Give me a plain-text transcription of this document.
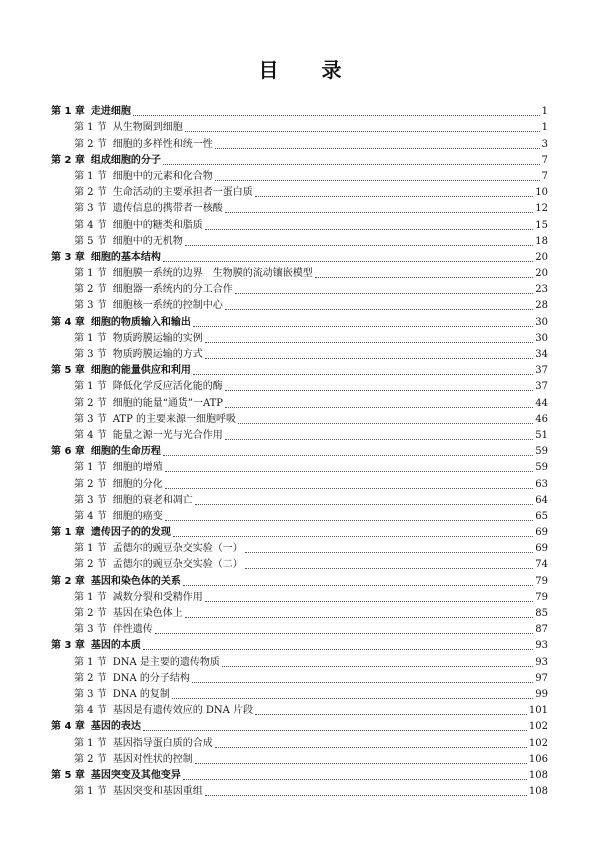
目 录
第 1 章 走进细胞	1
第 1 节 从生物圈到细胞	1
第 2 节 细胞的多样性和统一性	3
第 2 章 组成细胞的分子	7
第 1 节 细胞中的元素和化合物	7
第 2 节 生命活动的主要承担者一蛋白质	10
第 3 节 遗传信息的携带者一核酸	12
第 4 节 细胞中的糖类和脂质	15
第 5 节 细胞中的无机物	18
第 3 章 细胞的基本结构	20
第 1 节 细胞膜一系统的边界　生物膜的流动镶嵌模型	20
第 2 节 细胞器一系统内的分工合作	23
第 3 节 细胞核一系统的控制中心	28
第 4 章 细胞的物质输入和输出	30
第 1 节 物质跨膜运输的实例	30
第 3 节 物质跨膜运输的方式	34
第 5 章 细胞的能量供应和利用	37
第 1 节 降低化学反应活化能的酶	37
第 2 节 细胞的能量“通货”一ATP	44
第 3 节 ATP 的主要来源一细胞呼吸	46
第 4 节 能量之源一光与光合作用	51
第 6 章 细胞的生命历程	59
第 1 节 细胞的增殖	59
第 2 节 细胞的分化	63
第 3 节 细胞的衰老和凋亡	64
第 4 节 细胞的癌变	65
第 1 章 遗传因子的的发现	69
第 1 节 孟德尔的豌豆杂交实验（一）	69
第 2 节 孟德尔的豌豆杂交实验（二）	74
第 2 章 基因和染色体的关系	79
第 1 节 减数分裂和受精作用	79
第 2 节 基因在染色体上	85
第 3 节 伴性遗传	87
第 3 章 基因的本质	93
第 1 节 DNA 是主要的遗传物质	93
第 2 节 DNA 的分子结构	97
第 3 节 DNA 的复制	99
第 4 节 基因是有遗传效应的 DNA 片段	101
第 4 章 基因的表达	102
第 1 节 基因指导蛋白质的合成	102
第 2 节 基因对性状的控制	106
第 5 章 基因突变及其他变异	108
第 1 节 基因突变和基因重组	108
